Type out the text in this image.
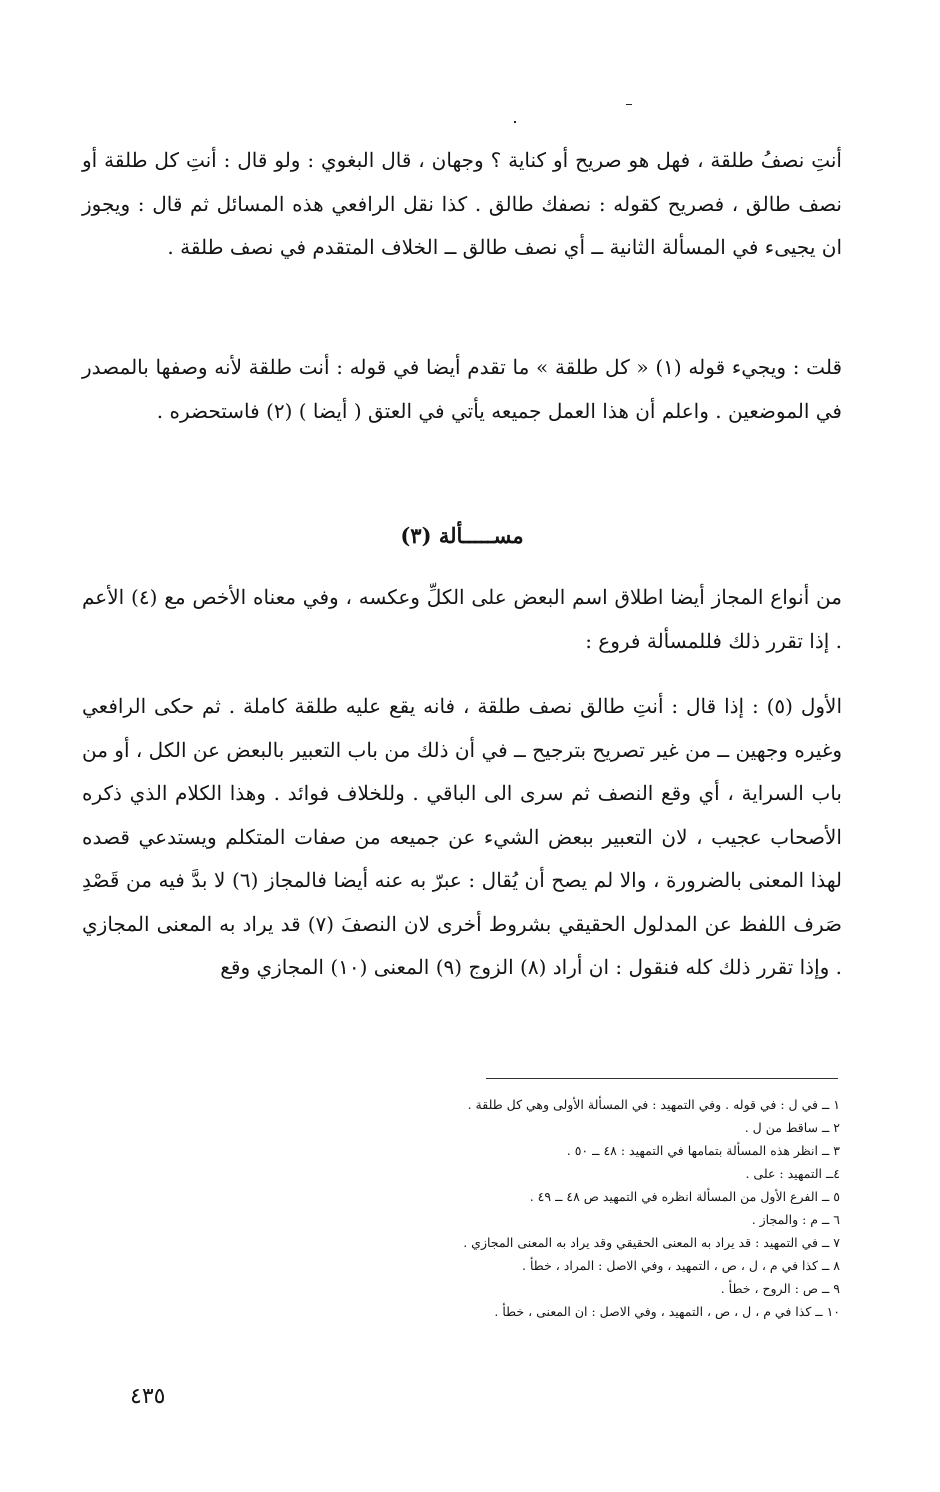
أنتِ نصفُ طلقة ، فهل هو صريح أو كناية ؟ وجهان ، قال البغوي : ولو قال : أنتِ كل طلقة أو نصف طالق ، فصريح كقوله : نصفك طالق . كذا نقل الرافعي هذه المسائل ثم قال : ويجوز ان يجيىء في المسألة الثانية ــ أي نصف طالق ــ الخلاف المتقدم في نصف طلقة .

قلت : ويجيء قوله (١) « كل طلقة » ما تقدم أيضا في قوله : أنت طلقة لأنه وصفها بالمصدر في الموضعين . واعلم أن هذا العمل جميعه يأتي في العتق ( أيضا ) (٢) فاستحضره .

مســـــألة (٣)

من أنواع المجاز أيضا اطلاق اسم البعض على الكلِّ وعكسه ، وفي معناه الأخص مع (٤) الأعم . إذا تقرر ذلك فللمسألة فروع :

الأول (٥) : إذا قال : أنتِ طالق نصف طلقة ، فانه يقع عليه طلقة كاملة . ثم حكى الرافعي وغيره وجهين ــ من غير تصريح بترجيح ــ في أن ذلك من باب التعبير بالبعض عن الكل ، أو من باب السراية ، أي وقع النصف ثم سرى الى الباقي . وللخلاف فوائد . وهذا الكلام الذي ذكره الأصحاب عجيب ، لان التعبير ببعض الشيء عن جميعه من صفات المتكلم ويستدعي قصده لهذا المعنى بالضرورة ، والا لم يصح أن يُقال : عبرّ به عنه أيضا فالمجاز (٦) لا بدَّ فيه من قَصْدِ صَرف اللفظ عن المدلول الحقيقي بشروط أخرى لان النصفَ (٧) قد يراد به المعنى المجازي . وإذا تقرر ذلك كله فنقول : ان أراد (٨) الزوج (٩) المعنى (١٠) المجازي وقع

١ ــ في ل : في قوله . وفي التمهيد : في المسألة الأولى وهي كل طلقة .
٢ ــ ساقط من ل .
٣ ــ انظر هذه المسألة بتمامها في التمهيد : ٤٨ ــ ٥٠ .
٤ــ التمهيد : على .
٥ ــ الفرع الأول من المسألة انظره في التمهيد ص ٤٨ ــ ٤٩ .
٦ ــ م : والمجاز .
٧ ــ في التمهيد : قد يراد به المعنى الحقيقي وقد يراد به المعنى المجازي .
٨ ــ كذا في م ، ل ، ص ، التمهيد ، وفي الاصل : المراد ، خطأ .
٩ ــ ص : الروح ، خطأ .
١٠ ــ كذا في م ، ل ، ص ، التمهيد ، وفي الاصل : ان المعنى ، خطأ .
٤٣٥
